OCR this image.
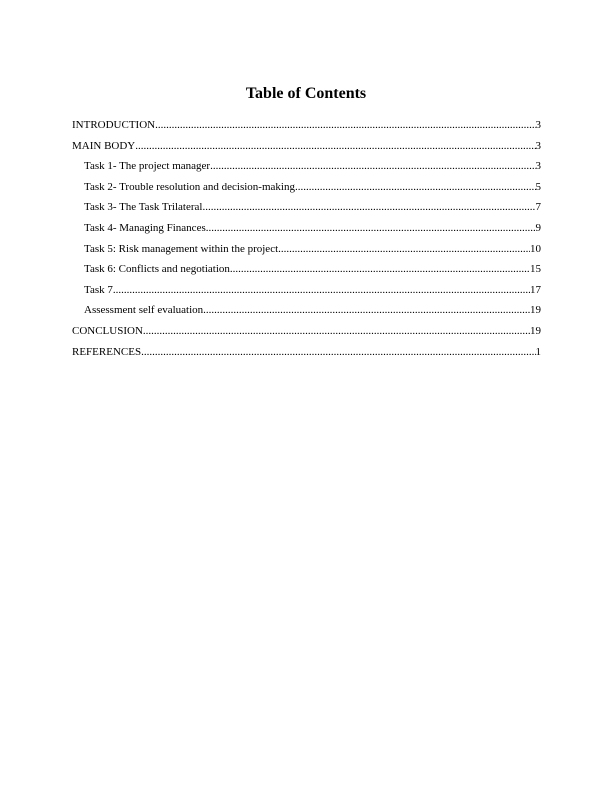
Table of Contents
INTRODUCTION .....	3
MAIN BODY .....	3
Task 1- The project manager .....	3
Task 2- Trouble resolution and decision-making .....	5
Task 3- The Task Trilateral .....	7
Task 4- Managing Finances .....	9
Task 5: Risk management within the project .....	10
Task 6: Conflicts and negotiation .....	15
Task 7 .....	17
Assessment self evaluation .....	19
CONCLUSION .....	19
REFERENCES .....	1
